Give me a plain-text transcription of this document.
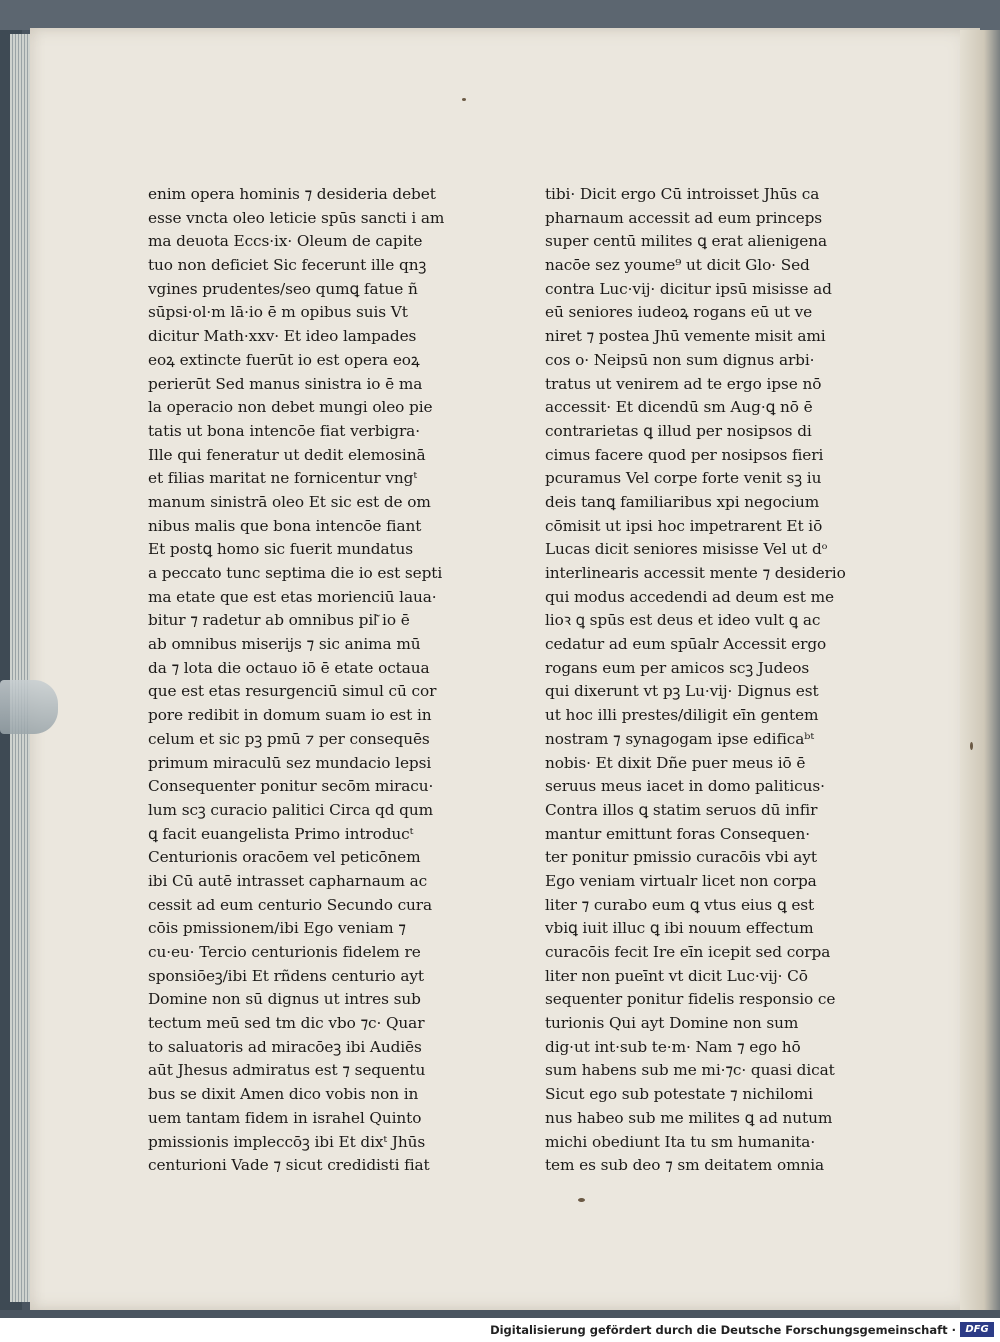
enim opera hominis ⁊ desideria debet
esse vncta oleo leticie spūs sancti i am
ma deuota Eccs·ix· Oleum de capite
tuo non deficiet Sic fecerunt ille qnꝫ
vgines prudentes/seo qumꝗ fatue ñ
sūpsi·ol·m lā·io ē m opibus suis Vt
dicitur Math·xxv· Et ideo lampades
eoꝝ extincte fuerūt io est opera eoꝝ
perierūt Sed manus sinistra io ē ma
la operacio non debet mungi oleo pie
tatis ut bona intencōe fiat verbigra·
Ille qui feneratur ut dedit elemosinā
et filias maritat ne fornicentur vngᵗ
manum sinistrā oleo Et sic est de om
nibus malis que bona intencōe fiant
Et postꝗ homo sic fuerit mundatus
a peccato tunc septima die io est septi
ma etate que est etas morienciū laua·
bitur ⁊ radetur ab omnibus pil͂ io ē
ab omnibus miserijs ⁊ sic anima mū
da ⁊ lota die octauo iō ē etate octaua
que est etas resurgenciū simul cū cor
pore redibit in domum suam io est in
celum et sic pꝫ pmū ⁊ per consequēs
primum miraculū sez mundacio lepsi
Consequenter ponitur secōm miracu·
lum scꝫ curacio palitici Circa qd qum
ꝗ facit euangelista Primo introducᵗ
Centurionis oracōem vel peticōnem
ibi Cū autē intrasset capharnaum ac
cessit ad eum centurio Secundo cura
cōis pmissionem/ibi Ego veniam ⁊
cu·eu· Tercio centurionis fidelem re
sponsiōeꝫ/ibi Et rñdens centurio ayt
Domine non sū dignus ut intres sub
tectum meū sed tm dic vbo ⁊c· Quar
to saluatoris ad miracōeꝫ ibi Audiēs
aūt Jhesus admiratus est ⁊ sequentu
bus se dixit Amen dico vobis non in
uem tantam fidem in israhel Quinto
pmissionis impleccōꝫ ibi Et dixᵗ Jhūs
centurioni Vade ⁊ sicut credidisti fiat
tibi· Dicit ergo Cū introisset Jhūs ca
pharnaum accessit ad eum princeps
super centū milites ꝗ erat alienigena
nacōe sez youme⁹ ut dicit Glo· Sed
contra Luc·vij· dicitur ipsū misisse ad
eū seniores iudeoꝝ rogans eū ut ve
niret ⁊ postea Jhū vemente misit ami
cos o· Neipsū non sum dignus arbi·
tratus ut venirem ad te ergo ipse nō
accessit· Et dicendū sm Aug·ꝗ nō ē
contrarietas ꝗ illud per nosipsos di
cimus facere quod per nosipsos fieri
pcuramus Vel corpe forte venit sꝫ iu
deis tanꝗ familiaribus xpi negocium
cōmisit ut ipsi hoc impetrarent Et iō
Lucas dicit seniores misisse Vel ut dᵒ
interlinearis accessit mente ⁊ desiderio
qui modus accedendi ad deum est me
lioꝛ ꝗ spūs est deus et ideo vult ꝗ ac
cedatur ad eum spūalr Accessit ergo
rogans eum per amicos scꝫ Judeos
qui dixerunt vt pꝫ Lu·vij· Dignus est
ut hoc illi prestes/diligit eīn gentem
nostram ⁊ synagogam ipse edificaᵇᵗ
nobis· Et dixit Dñe puer meus iō ē
seruus meus iacet in domo paliticus·
Contra illos ꝗ statim seruos dū infir
mantur emittunt foras Consequen·
ter ponitur pmissio curacōis vbi ayt
Ego veniam virtualr licet non corpa
liter ⁊ curabo eum ꝗ vtus eius ꝗ est
vbiꝗ iuit illuc ꝗ ibi nouum effectum
curacōis fecit Ire eīn icepit sed corpa
liter non pueīnt vt dicit Luc·vij· Cō
sequenter ponitur fidelis responsio ce
turionis Qui ayt Domine non sum
dig·ut int·sub te·m· Nam ⁊ ego hō
sum habens sub me mi·⁊c· quasi dicat
Sicut ego sub potestate ⁊ nichilomi
nus habeo sub me milites ꝗ ad nutum
michi obediunt Ita tu sm humanita·
tem es sub deo ⁊ sm deitatem omnia
Digitalisierung gefördert durch die Deutsche Forschungsgemeinschaft · DFG
